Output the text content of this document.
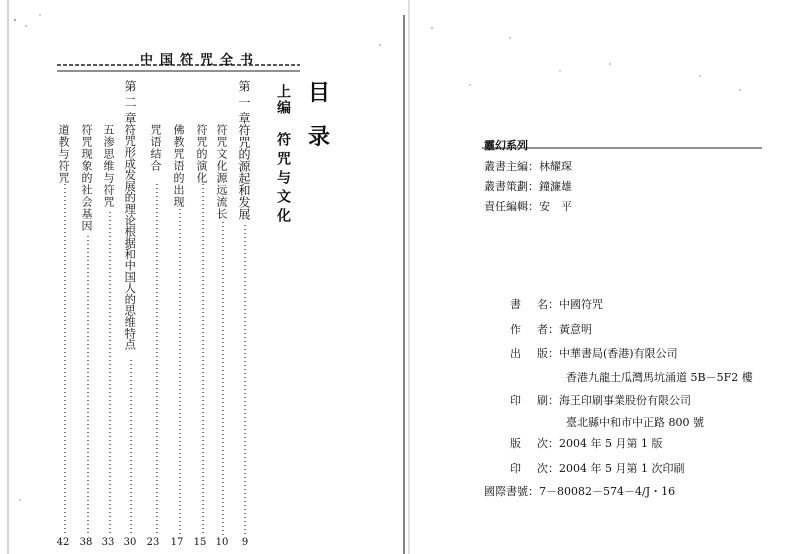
中国符咒全书
目
录
上编
符咒与文化
第一章
符咒的源起和发展
符咒文化源远流长
符咒的演化
佛教咒语的出现
咒语结合
第二章
符咒形成发展的理论根据和中国人的思维特点
五渗思维与符咒
符咒现象的社会基因
道教与符咒
9
10
15
17
23
30
33
38
42
靈幻系列
叢書主編：林耀琛
叢書策劃：鐘濂雄
責任編輯：安　平
書 名：中國符咒
作 者：黃意明
出 版：中華書局(香港)有限公司
香港九龍土瓜灣馬坑涌道 5B－5F2 樓
印 刷：海王印刷事業股份有限公司
臺北縣中和市中正路 800 號
版 次：2004 年 5 月第 1 版
印 次：2004 年 5 月第 1 次印刷
國際書號：7－80082－574－4/J・16
